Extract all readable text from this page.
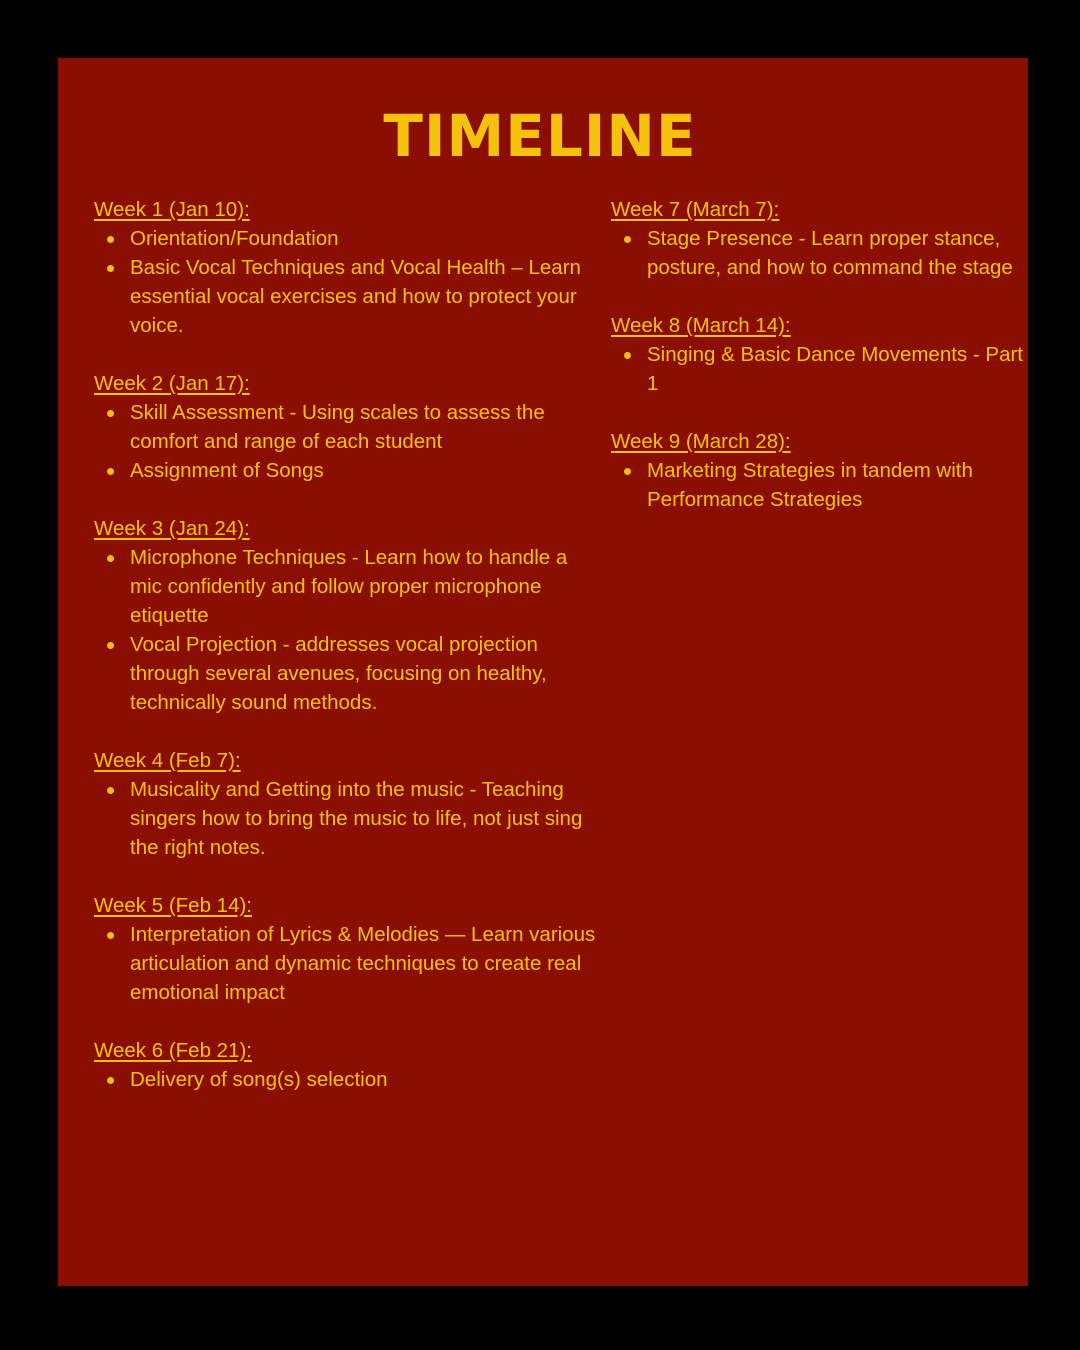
TIMELINE
Week 1 (Jan 10):
Orientation/Foundation
Basic Vocal Techniques and Vocal Health – Learn essential vocal exercises and how to protect your voice.
Week 2 (Jan 17):
Skill Assessment - Using scales to assess the comfort and range of each student
Assignment of Songs
Week 3 (Jan 24):
Microphone Techniques - Learn how to handle a mic confidently and follow proper microphone etiquette
Vocal Projection - addresses vocal projection through several avenues, focusing on healthy, technically sound methods.
Week 4 (Feb 7):
Musicality and Getting into the music - Teaching singers how to bring the music to life, not just sing the right notes.
Week 5 (Feb 14):
Interpretation of Lyrics & Melodies — Learn various articulation and dynamic techniques to create real emotional impact
Week 6 (Feb 21):
Delivery of song(s) selection
Week 7 (March 7):
Stage Presence - Learn proper stance, posture, and how to command the stage
Week 8 (March 14):
Singing & Basic Dance Movements - Part 1
Week 9 (March 28):
Marketing Strategies in tandem with Performance Strategies
